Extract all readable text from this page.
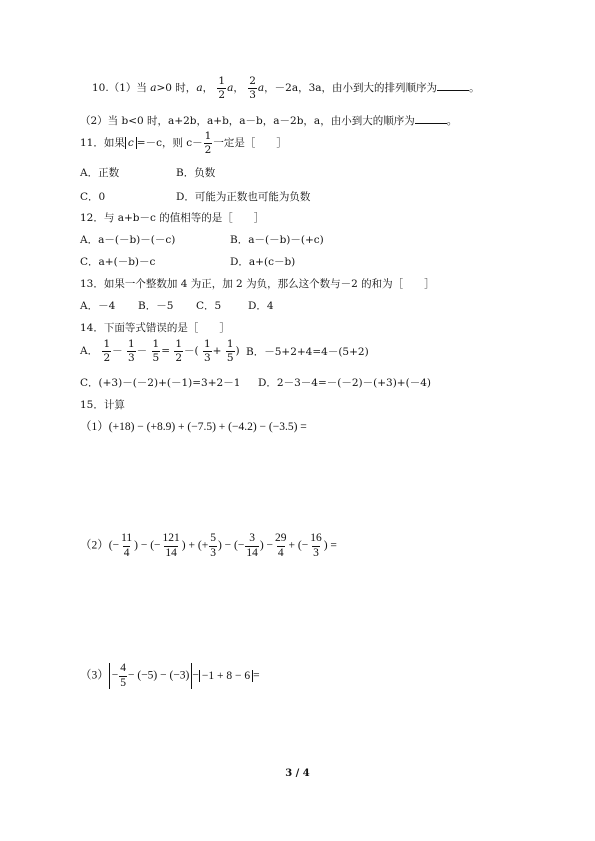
10.（1）当 a>0 时，a， $\frac{1}{2}$ a， $\frac{2}{3}$ a，－2a，3a，由小到大的排列顺序为	。
（2）当 b<0 时，a+2b，a+b，a－b，a－2b，a，由小到大的顺序为	。
11．如果 c =－c，则 $c- \frac{1}{2}$ 一定是［　　］
A．正数	B．负数
C．0	D．可能为正数也可能为负数
12．与 a+b－c 的值相等的是［　　］
A．a－(－b)－(－c)	B．a－(－b)－(+c)
C．a+(－b)－c	D．a+(c－b)
13．如果一个整数加 4 为正，加 2 为负，那么这个数与－2 的和为［　　］
A．－4 B．－5 C．5	D．4
14．下面等式错误的是［　　］
A． $\frac{1}{2} - \frac{1}{3} - \frac{1}{5} = \frac{1}{2}$ －( $\frac{1}{3} + \frac{1}{5}$ ) B．－5+2+4=4－(5+2)
C．(+3)－(－2)+(－1)=3+2－1 D．2－3－4=－(－2)－(+3)+(－4)
15．计算
（1）(+18) − (+8.9) + (−7.5) + (−4.2) − (−3.5) =
$(2)(- \frac{11}{4}$ ) − (− $\frac{121}{14}$ ) + (+ $\frac{5}{3}$ ) − (− $\frac{3}{14}$ ) − $\frac{29}{4}$ + (− $\frac{16}{3}$ ) =
$(3) - \frac{4}{5} - (-5) - (-3) - -1 + 8 - 6$ =
3 / 4
